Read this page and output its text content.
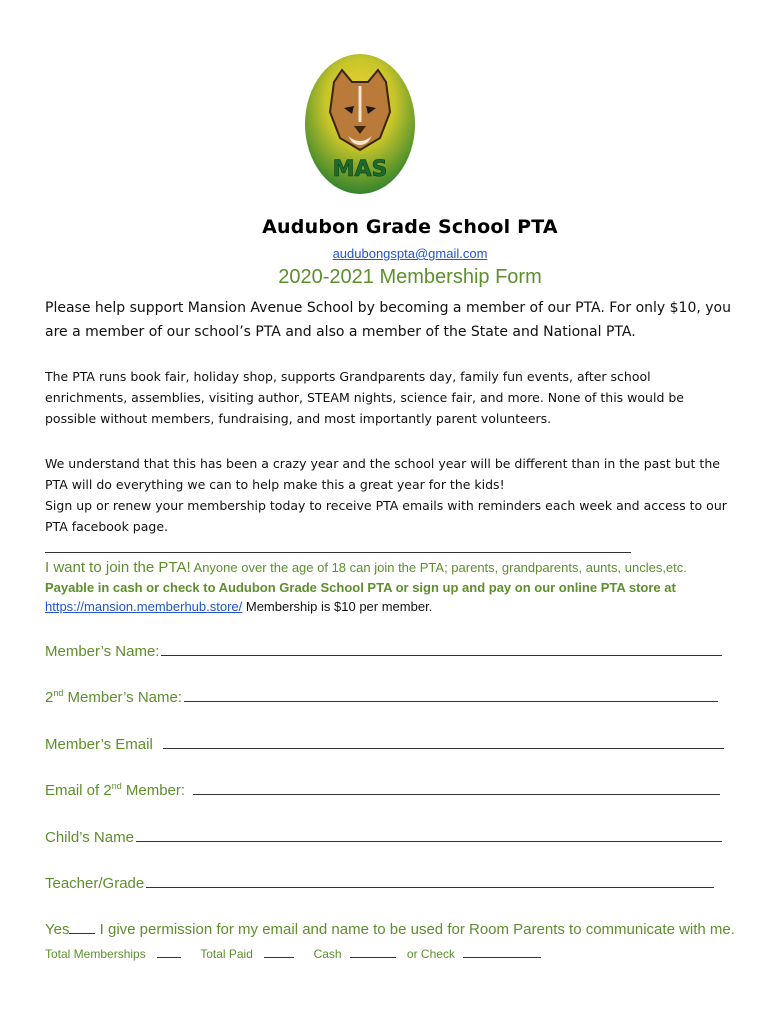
MAS
Audubon Grade School PTA
audubongspta@gmail.com
2020-2021 Membership Form
Please help support Mansion Avenue School by becoming a member of our PTA. For only $10, you are a member of our school’s PTA and also a member of the State and National PTA.
The PTA runs book fair, holiday shop, supports Grandparents day, family fun events, after school enrichments, assemblies, visiting author, STEAM nights, science fair, and more. None of this would be possible without members, fundraising, and most importantly parent volunteers.
We understand that this has been a crazy year and the school year will be different than in the past but the PTA will do everything we can to help make this a great year for the kids!
Sign up or renew your membership today to receive PTA emails with reminders each week and access to our PTA facebook page.
I want to join the PTA! Anyone over the age of 18 can join the PTA; parents, grandparents, aunts, uncles,etc. Payable in cash or check to Audubon Grade School PTA or sign up and pay on our online PTA store at https://mansion.memberhub.store/ Membership is $10 per member.
Member’s Name:
2nd Member’s Name:
Member’s Email
Email of 2nd Member:
Child’s Name
Teacher/Grade
Yes I give permission for my email and name to be used for Room Parents to communicate with me. Total Memberships	Total Paid	Cash	or Check
